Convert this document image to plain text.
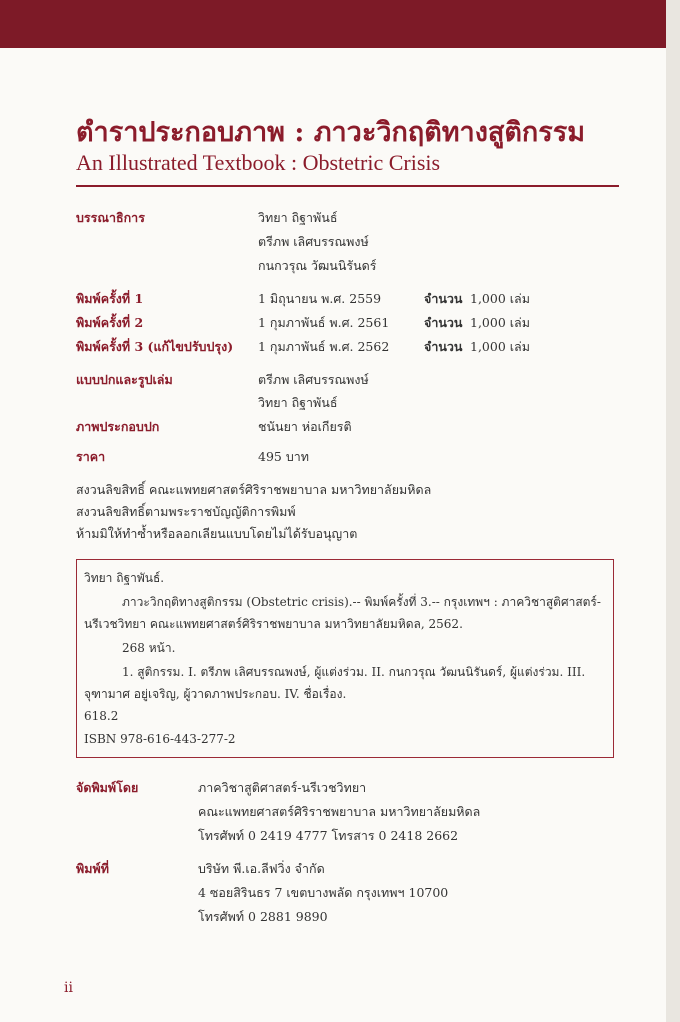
ตำราประกอบภาพ : ภาวะวิกฤติทางสูติกรรม
An Illustrated Textbook : Obstetric Crisis
บรรณาธิการ	วิทยา ถิฐาพันธ์
ตรีภพ เลิศบรรณพงษ์
กนกวรุณ วัฒนนิรันดร์
พิมพ์ครั้งที่ 1	1 มิถุนายน พ.ศ. 2559	จำนวน 1,000 เล่ม
พิมพ์ครั้งที่ 2	1 กุมภาพันธ์ พ.ศ. 2561	จำนวน 1,000 เล่ม
พิมพ์ครั้งที่ 3 (แก้ไขปรับปรุง) 1 กุมภาพันธ์ พ.ศ. 2562	จำนวน 1,000 เล่ม
แบบปกและรูปเล่ม	ตรีภพ เลิศบรรณพงษ์
วิทยา ถิฐาพันธ์
ภาพประกอบปก	ชนันยา ห่อเกียรติ
ราคา	495 บาท
สงวนลิขสิทธิ์ คณะแพทยศาสตร์ศิริราชพยาบาล มหาวิทยาลัยมหิดล
สงวนลิขสิทธิ์ตามพระราชบัญญัติการพิมพ์
ห้ามมิให้ทำซ้ำหรือลอกเลียนแบบโดยไม่ได้รับอนุญาต
วิทยา ถิฐาพันธ์.
ภาวะวิกฤติทางสูติกรรม (Obstetric crisis).-- พิมพ์ครั้งที่ 3.-- กรุงเทพฯ : ภาควิชาสูติศาสตร์-
นรีเวชวิทยา คณะแพทยศาสตร์ศิริราชพยาบาล มหาวิทยาลัยมหิดล, 2562.
268 หน้า.
1. สูติกรรม. I. ตรีภพ เลิศบรรณพงษ์, ผู้แต่งร่วม. II. กนกวรุณ วัฒนนิรันดร์, ผู้แต่งร่วม. III.
จุฑามาศ อยู่เจริญ, ผู้วาดภาพประกอบ. IV. ชื่อเรื่อง.
618.2
ISBN 978-616-443-277-2
จัดพิมพ์โดย	ภาควิชาสูติศาสตร์-นรีเวชวิทยา
คณะแพทยศาสตร์ศิริราชพยาบาล มหาวิทยาลัยมหิดล
โทรศัพท์ 0 2419 4777 โทรสาร 0 2418 2662
พิมพ์ที่	บริษัท พี.เอ.ลีฟวิ่ง จำกัด
4 ซอยสิรินธร 7 เขตบางพลัด กรุงเทพฯ 10700
โทรศัพท์ 0 2881 9890
ii
